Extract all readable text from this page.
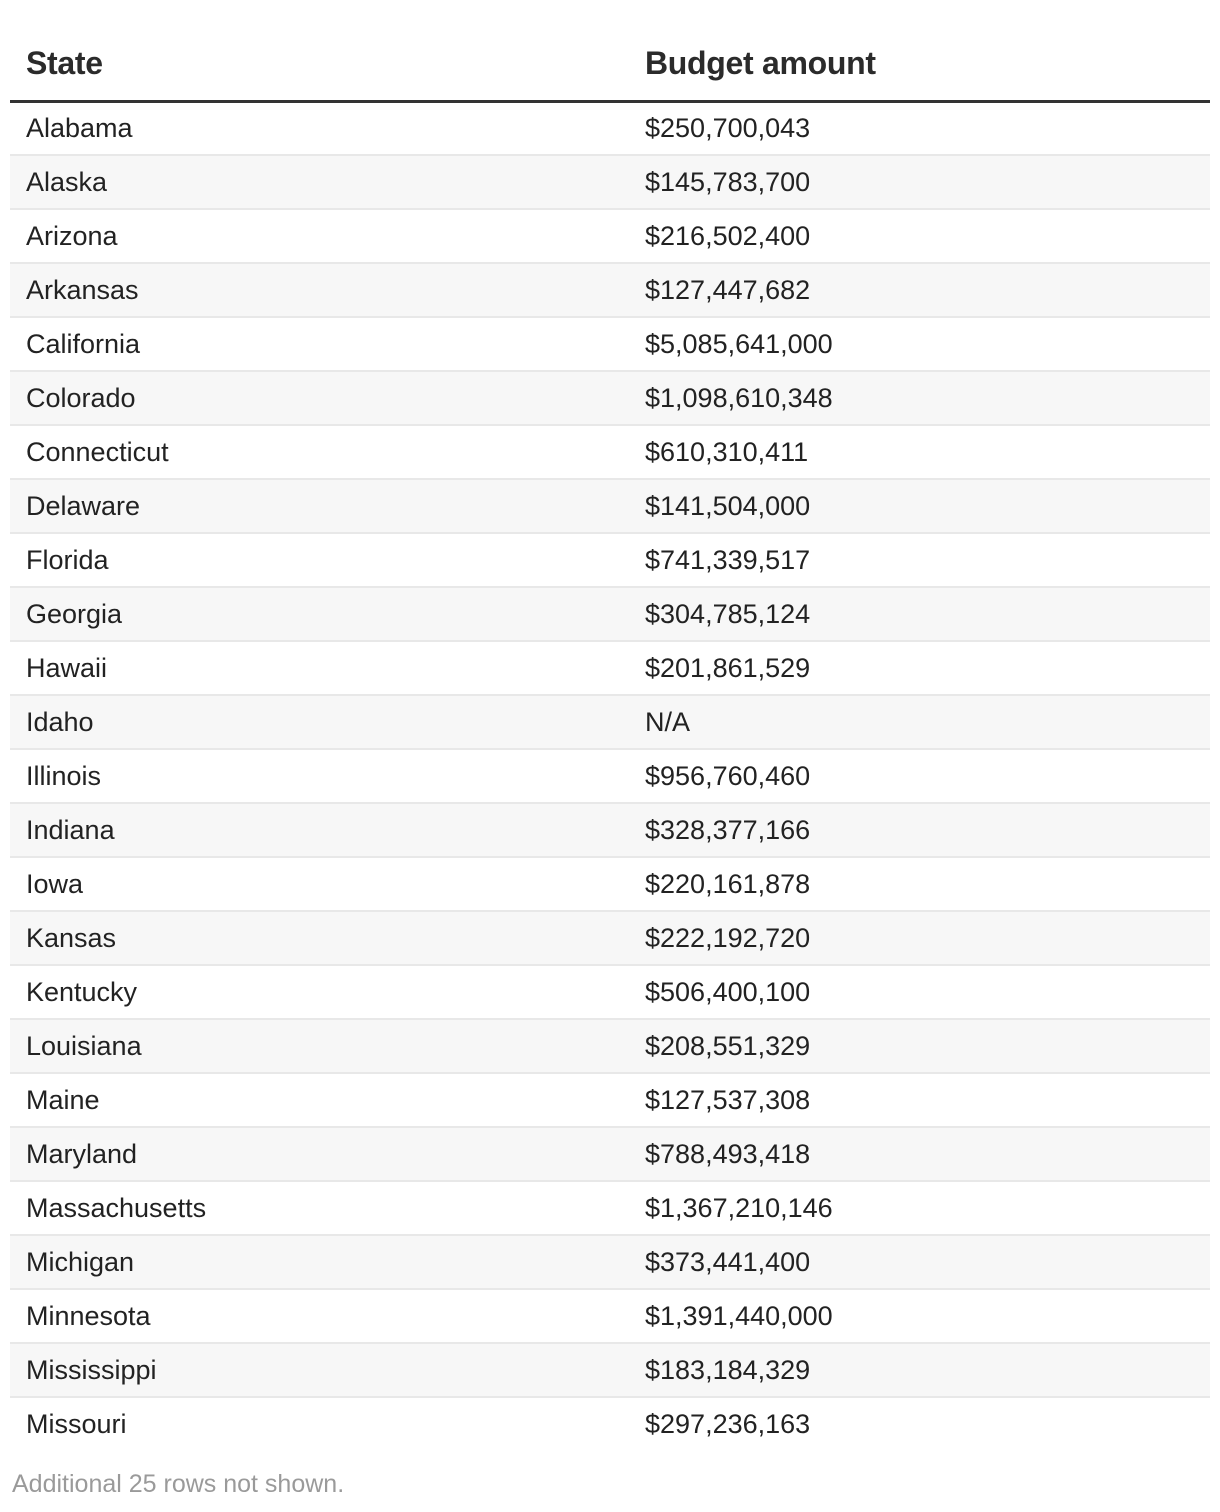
State	Budget amount
Alabama	$250,700,043
Alaska	$145,783,700
Arizona	$216,502,400
Arkansas	$127,447,682
California	$5,085,641,000
Colorado	$1,098,610,348
Connecticut	$610,310,411
Delaware	$141,504,000
Florida	$741,339,517
Georgia	$304,785,124
Hawaii	$201,861,529
Idaho	N/A
Illinois	$956,760,460
Indiana	$328,377,166
Iowa	$220,161,878
Kansas	$222,192,720
Kentucky	$506,400,100
Louisiana	$208,551,329
Maine	$127,537,308
Maryland	$788,493,418
Massachusetts	$1,367,210,146
Michigan	$373,441,400
Minnesota	$1,391,440,000
Mississippi	$183,184,329
Missouri	$297,236,163
Additional 25 rows not shown.
